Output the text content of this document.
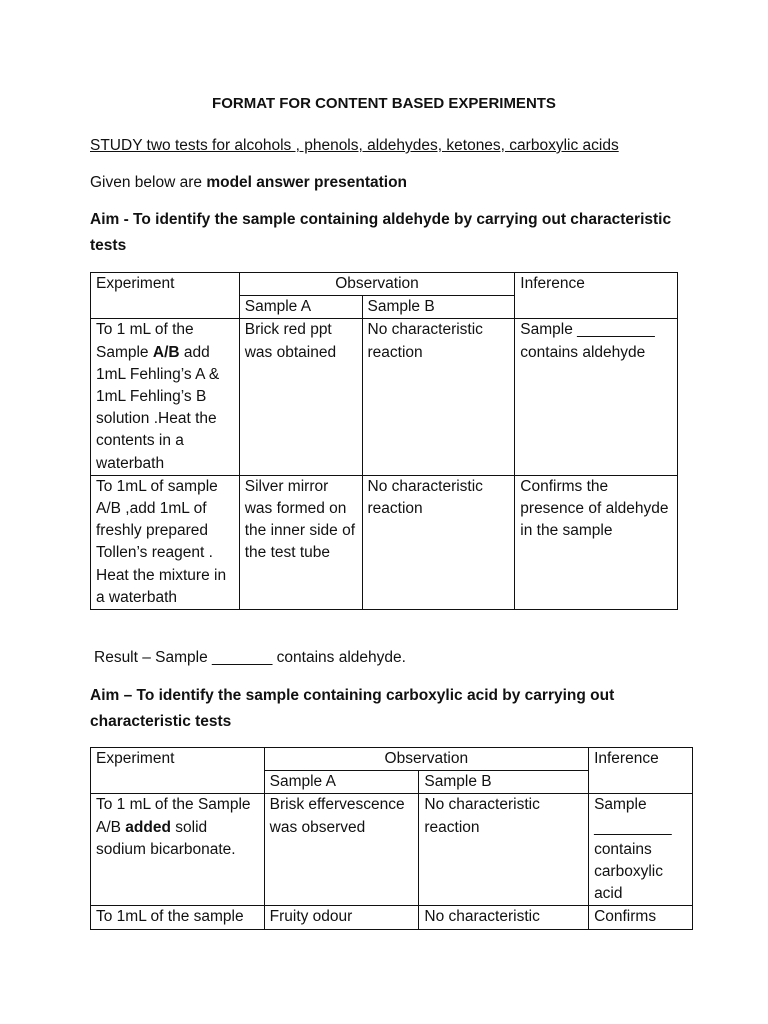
FORMAT FOR CONTENT BASED EXPERIMENTS
STUDY two tests for alcohols , phenols, aldehydes, ketones, carboxylic acids
Given below are model answer presentation
Aim - To identify the sample containing aldehyde by carrying out characteristic tests
Experiment	Observation		Inference
	Sample A	Sample B	
To 1 mL of the Sample A/B add 1mL Fehling’s A & 1mL Fehling’s B solution .Heat the contents in a waterbath	Brick red ppt was obtained	No characteristic reaction	Sample _________ contains aldehyde
To 1mL of sample A/B ,add 1mL of freshly prepared Tollen’s reagent . Heat the mixture in a waterbath	Silver mirror was formed on the inner side of the test tube	No characteristic reaction	Confirms the presence of aldehyde in the sample
Result – Sample _______ contains aldehyde.
Aim – To identify the sample containing carboxylic acid by carrying out characteristic tests
Experiment	Observation		Inference
	Sample A	Sample B	
To 1 mL of the Sample A/B added solid sodium bicarbonate.	Brisk effervescence was observed	No characteristic reaction	Sample _________ contains carboxylic acid
To 1mL of the sample	Fruity odour	No characteristic	Confirms
